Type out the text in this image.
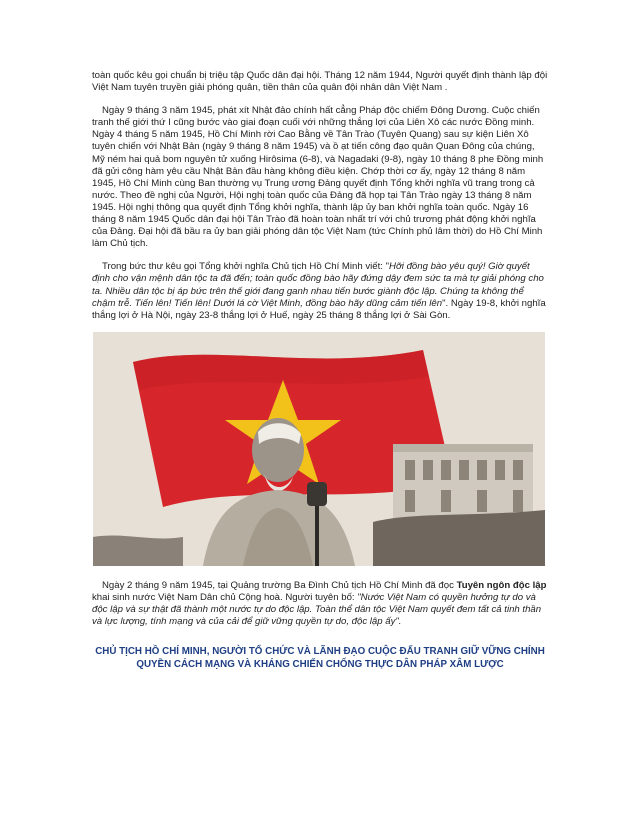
toàn quốc kêu gọi chuẩn bị triệu tập Quốc dân đại hội. Tháng 12 năm 1944, Người quyết định thành lập đội Việt Nam tuyên truyền giải phóng quân, tiền thân của quân đội nhân dân Việt Nam .

Ngày 9 tháng 3 năm 1945, phát xít Nhật đảo chính hất cẳng Pháp độc chiếm Đông Dương. Cuộc chiến tranh thế giới thứ I cũng bước vào giai đoạn cuối với những thắng lợi của Liên Xô các nước Đồng minh. Ngày 4 tháng 5 năm 1945, Hồ Chí Minh rời Cao Bằng về Tân Trào (Tuyên Quang) sau sự kiện Liên Xô tuyên chiến với Nhật Bản (ngày 9 tháng 8 năm 1945) và ồ ạt tiến công đạo quân Quan Đông của chúng, Mỹ ném hai quả bom nguyên tử xuống Hirôsima (6-8), và Nagadaki (9-8), ngày 10 tháng 8 phe Đồng minh đã gửi công hàm yêu cầu Nhật Bản đầu hàng không điều kiện. Chớp thời cơ ấy, ngày 12 tháng 8 năm 1945, Hồ Chí Minh cùng Ban thường vụ Trung ương Đảng quyết định Tổng khởi nghĩa vũ trang trong cả nước. Theo đề nghị của Người, Hội nghị toàn quốc của Đảng đã họp tại Tân Trào ngày 13 tháng 8 năm 1945. Hội nghị thông qua quyết định Tổng khởi nghĩa, thành lập ủy ban khởi nghĩa toàn quốc. Ngày 16 tháng 8 năm 1945 Quốc dân đại hội Tân Trào đã hoàn toàn nhất trí với chủ trương phát động khởi nghĩa của Đảng. Đại hội đã bầu ra ủy ban giải phóng dân tộc Việt Nam (tức Chính phủ lâm thời) do Hồ Chí Minh làm Chủ tịch.

Trong bức thư kêu gọi Tổng khởi nghĩa Chủ tịch Hồ Chí Minh viết: "Hỡi đồng bào yêu quý! Giờ quyết định cho vận mệnh dân tộc ta đã đến; toàn quốc đồng bào hãy đứng dậy đem sức ta mà tự giải phóng cho ta. Nhiều dân tộc bị áp bức trên thế giới đang ganh nhau tiến bước giành độc lập. Chúng ta không thể chậm trễ. Tiến lên! Tiến lên! Dưới lá cờ Việt Minh, đồng bào hãy dũng cảm tiến lên". Ngày 19-8, khởi nghĩa thắng lợi ở Hà Nội, ngày 23-8 thắng lợi ở Huế, ngày 25 tháng 8 thắng lợi ở Sài Gòn.

Ngày 2 tháng 9 năm 1945, tại Quảng trường Ba Đình Chủ tịch Hồ Chí Minh đã đọc Tuyên ngôn độc lập khai sinh nước Việt Nam Dân chủ Cộng hoà. Người tuyên bố: "Nước Việt Nam có quyền hưởng tự do và độc lập và sự thật đã thành một nước tự do độc lập. Toàn thể dân tộc Việt Nam quyết đem tất cả tinh thần và lực lượng, tính mạng và của cải để giữ vững quyền tự do, độc lập ấy".

CHỦ TỊCH HỒ CHÍ MINH, NGƯỜI TỔ CHỨC VÀ LÃNH ĐẠO CUỘC ĐẤU TRANH GIỮ VỮNG CHÍNH QUYỀN CÁCH MẠNG VÀ KHÁNG CHIẾN CHỐNG THỰC DÂN PHÁP XÂM LƯỢC
